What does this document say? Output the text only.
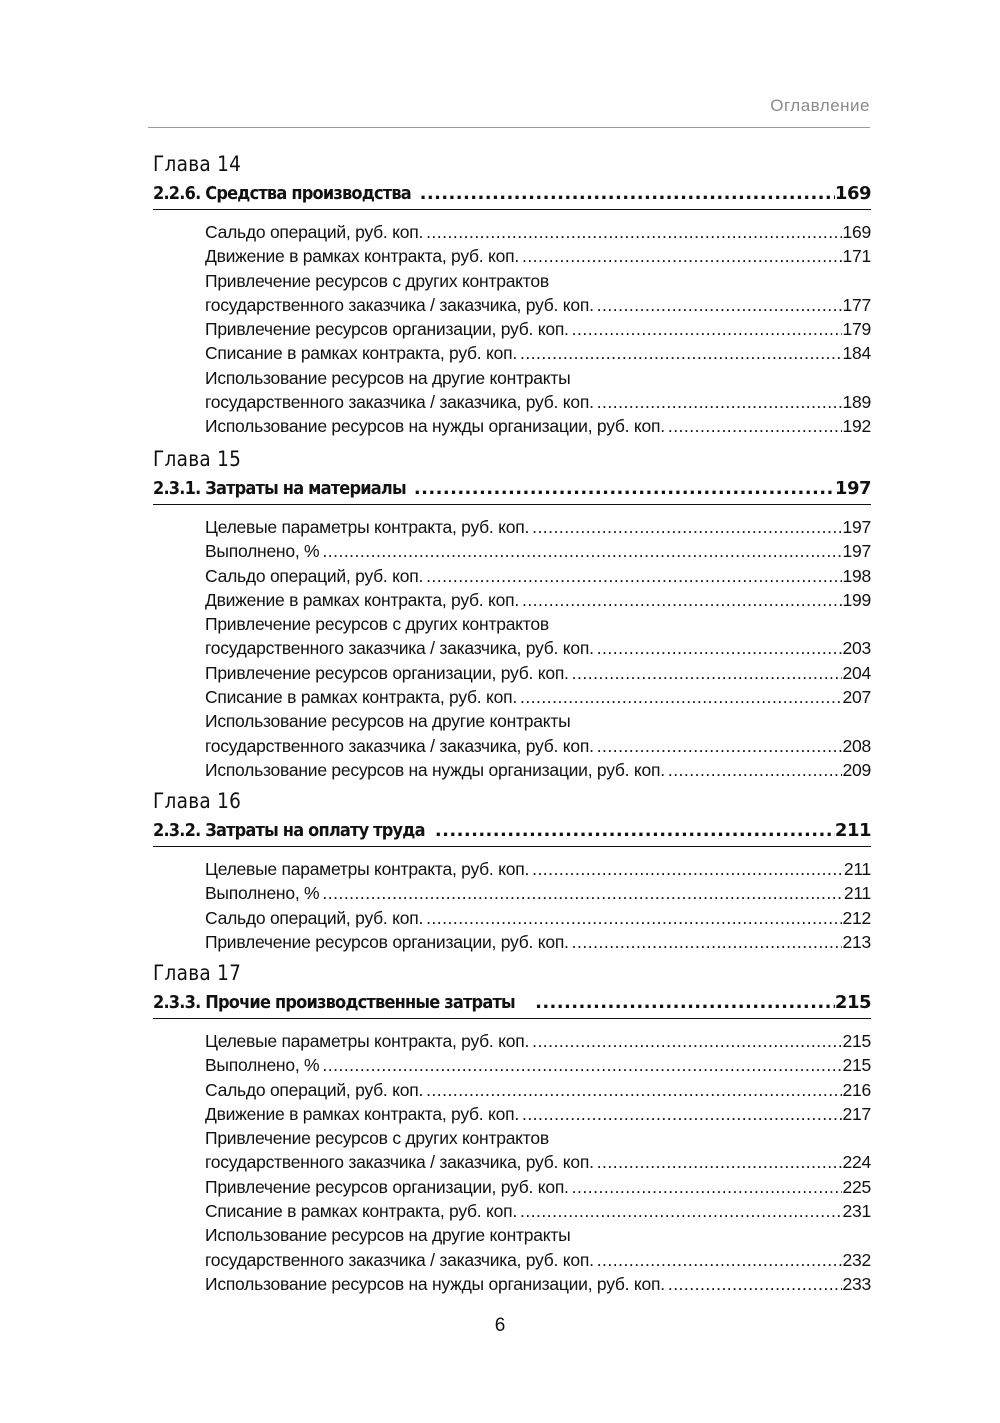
Оглавление
Глава 14
2.2.6. Средства производства .....	169
Сальдо операций, руб. коп. .....	169
Движение в рамках контракта, руб. коп. .....	171
Привлечение ресурсов с других контрактов
государственного заказчика / заказчика, руб. коп. .....	177
Привлечение ресурсов организации, руб. коп. .....	179
Списание в рамках контракта, руб. коп. .....	184
Использование ресурсов на другие контракты
государственного заказчика / заказчика, руб. коп. .....	189
Использование ресурсов на нужды организации, руб. коп. .....	192
Глава 15
2.3.1. Затраты на материалы .....	197
Целевые параметры контракта, руб. коп. .....	197
Выполнено, % .....	197
Сальдо операций, руб. коп. .....	198
Движение в рамках контракта, руб. коп. .....	199
Привлечение ресурсов с других контрактов
государственного заказчика / заказчика, руб. коп. .....	203
Привлечение ресурсов организации, руб. коп. .....	204
Списание в рамках контракта, руб. коп. .....	207
Использование ресурсов на другие контракты
государственного заказчика / заказчика, руб. коп. .....	208
Использование ресурсов на нужды организации, руб. коп. .....	209
Глава 16
2.3.2. Затраты на оплату труда .....	211
Целевые параметры контракта, руб. коп. .....	211
Выполнено, % .....	211
Сальдо операций, руб. коп. .....	212
Привлечение ресурсов организации, руб. коп. .....	213
Глава 17
2.3.3. Прочие производственные затраты .....	215
Целевые параметры контракта, руб. коп. .....	215
Выполнено, % .....	215
Сальдо операций, руб. коп. .....	216
Движение в рамках контракта, руб. коп. .....	217
Привлечение ресурсов с других контрактов
государственного заказчика / заказчика, руб. коп. .....	224
Привлечение ресурсов организации, руб. коп. .....	225
Списание в рамках контракта, руб. коп. .....	231
Использование ресурсов на другие контракты
государственного заказчика / заказчика, руб. коп. .....	232
Использование ресурсов на нужды организации, руб. коп. .....	233
6
